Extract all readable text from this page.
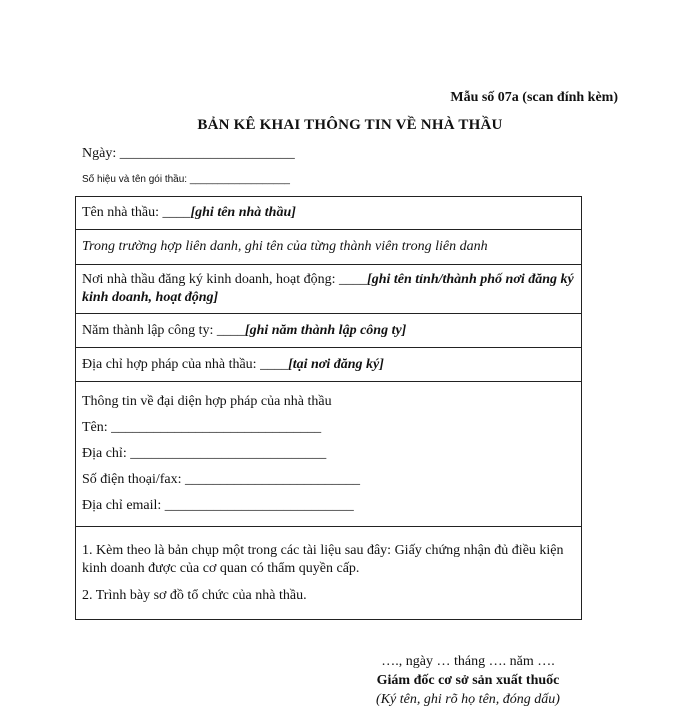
Mẫu số 07a (scan đính kèm)
BẢN KÊ KHAI THÔNG TIN VỀ NHÀ THẦU
Ngày: _________________________
Số hiệu và tên gói thầu: __________________
Tên nhà thầu: ____[ghi tên nhà thầu]
Trong trường hợp liên danh, ghi tên của từng thành viên trong liên danh
Nơi nhà thầu đăng ký kinh doanh, hoạt động: ____[ghi tên tỉnh/thành phố nơi đăng ký kinh doanh, hoạt động]
Năm thành lập công ty: ____[ghi năm thành lập công ty]
Địa chỉ hợp pháp của nhà thầu: ____[tại nơi đăng ký]

Thông tin về đại diện hợp pháp của nhà thầu
Tên: ______________________________
Địa chỉ: ____________________________
Số điện thoại/fax: _________________________
Địa chỉ email: ___________________________

1. Kèm theo là bản chụp một trong các tài liệu sau đây: Giấy chứng nhận đủ điều kiện kinh doanh được của cơ quan có thẩm quyền cấp.
2. Trình bày sơ đồ tổ chức của nhà thầu.
…., ngày … tháng …. năm ….
Giám đốc cơ sở sản xuất thuốc
(Ký tên, ghi rõ họ tên, đóng dấu)
